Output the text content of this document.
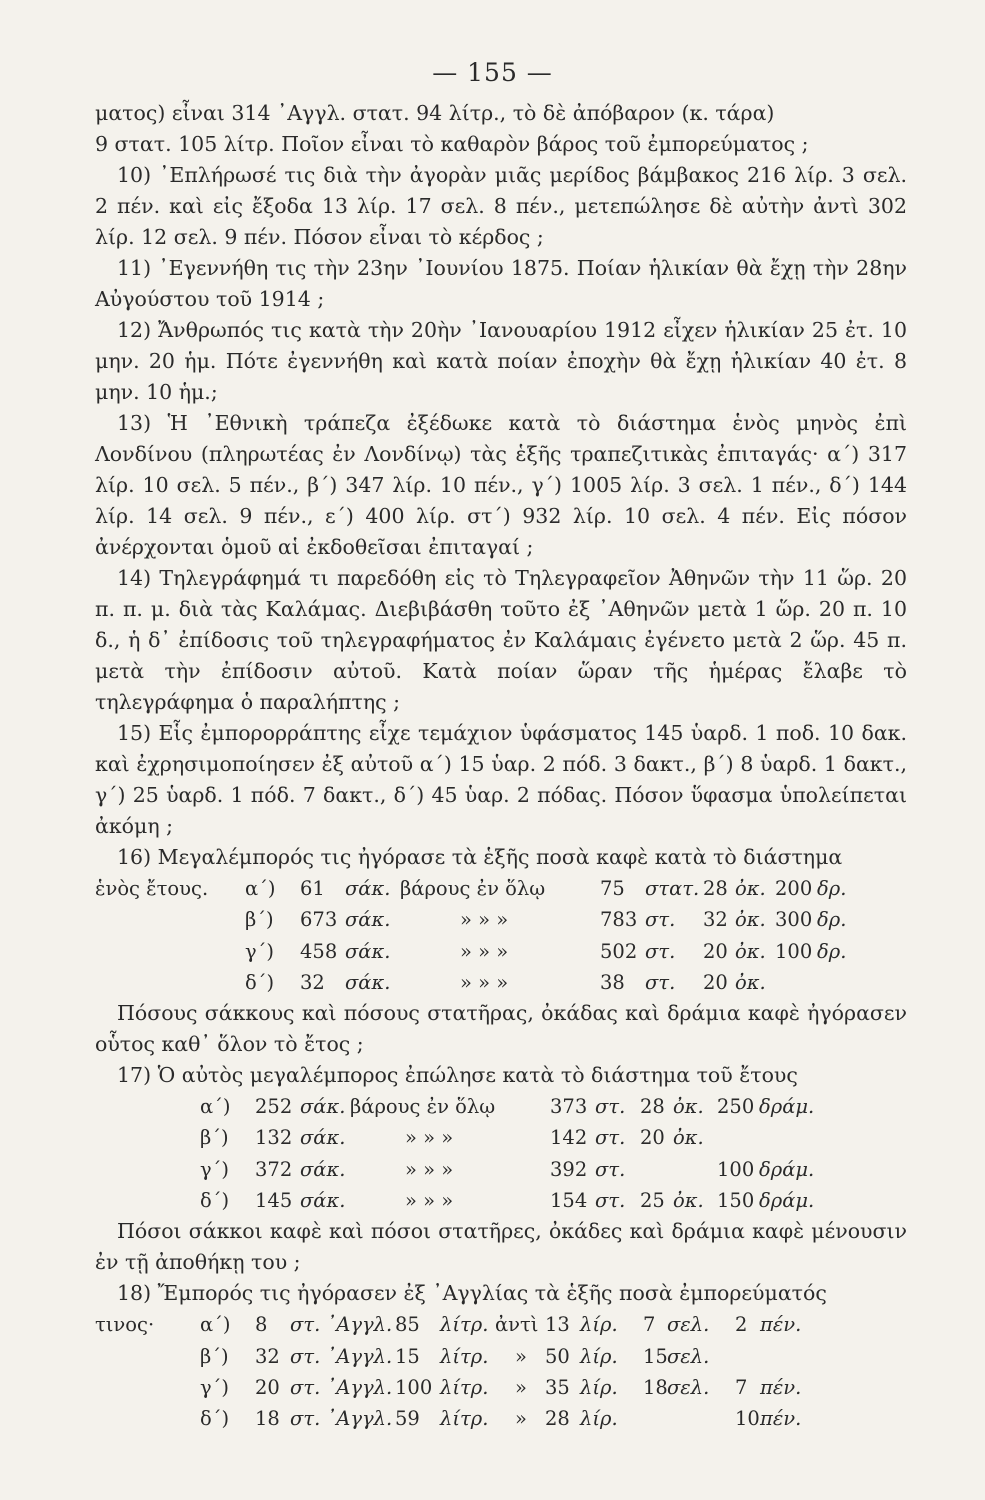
— 155 —

ματος) εἶναι 314 ᾿Αγγλ. στατ. 94 λίτρ., τὸ δὲ ἀπόβαρον (κ. τάρα)

9 στατ. 105 λίτρ. Ποῖον εἶναι τὸ καθαρὸν βάρος τοῦ ἐμπορεύματος ;

10) ᾿Επλήρωσέ τις διὰ τὴν ἀγορὰν μιᾶς μερίδος βάμβακος 216 λίρ. 3 σελ. 2 πέν. καὶ εἰς ἔξοδα 13 λίρ. 17 σελ. 8 πέν., μετεπώλησε δὲ αὐτὴν ἀντὶ 302 λίρ. 12 σελ. 9 πέν. Πόσον εἶναι τὸ κέρδος ;

11) ᾿Εγεννήθη τις τὴν 23ην ᾿Ιουνίου 1875. Ποίαν ἡλικίαν θὰ ἔχῃ τὴν 28ην Αὐγούστου τοῦ 1914 ;

12) Ἄνθρωπός τις κατὰ τὴν 20ὴν ᾿Ιανουαρίου 1912 εἶχεν ἡλικίαν 25 ἐτ. 10 μην. 20 ἡμ. Πότε ἐγεννήθη καὶ κατὰ ποίαν ἐποχὴν θὰ ἔχῃ ἡλικίαν 40 ἐτ. 8 μην. 10 ἡμ.;

13) Ἡ ᾿Εθνικὴ τράπεζα ἐξέδωκε κατὰ τὸ διάστημα ἑνὸς μηνὸς ἐπὶ Λονδίνου (πληρωτέας ἐν Λονδίνῳ) τὰς ἑξῆς τραπεζιτικὰς ἐπιταγάς· α΄) 317 λίρ. 10 σελ. 5 πέν., β΄) 347 λίρ. 10 πέν., γ΄) 1005 λίρ. 3 σελ. 1 πέν., δ΄) 144 λίρ. 14 σελ. 9 πέν., ε΄) 400 λίρ. στ΄) 932 λίρ. 10 σελ. 4 πέν. Εἰς πόσον ἀνέρχονται ὁμοῦ αἱ ἐκδοθεῖσαι ἐπιταγαί ;

14) Τηλεγράφημά τι παρεδόθη εἰς τὸ Τηλεγραφεῖον Ἀθηνῶν τὴν 11 ὥρ. 20 π. π. μ. διὰ τὰς Καλάμας. Διεβιβάσθη τοῦτο ἐξ ᾿Αθηνῶν μετὰ 1 ὥρ. 20 π. 10 δ., ἡ δ᾿ ἐπίδοσις τοῦ τηλεγραφήματος ἐν Καλάμαις ἐγένετο μετὰ 2 ὥρ. 45 π. μετὰ τὴν ἐπίδοσιν αὐτοῦ. Κατὰ ποίαν ὥραν τῆς ἡμέρας ἔλαβε τὸ τηλεγράφημα ὁ παραλήπτης ;

15) Εἷς ἐμπορορράπτης εἶχε τεμάχιον ὑφάσματος 145 ὑαρδ. 1 ποδ. 10 δακ. καὶ ἐχρησιμοποίησεν ἐξ αὐτοῦ α΄) 15 ὑαρ. 2 πόδ. 3 δακτ., β΄) 8 ὑαρδ. 1 δακτ., γ΄) 25 ὑαρδ. 1 πόδ. 7 δακτ., δ΄) 45 ὑαρ. 2 πόδας. Πόσον ὕφασμα ὑπολείπεται ἀκόμη ;

16) Μεγαλέμπορός τις ἠγόρασε τὰ ἑξῆς ποσὰ καφὲ κατὰ τὸ διάστημα

ἑνὸς ἔτους. α΄) 61 σάκ. βάρους ἐν ὅλῳ	75 στατ. 28 ὀκ. 200 δρ.
β΄) 673 σάκ.	» » »	783 στ. 32 ὀκ. 300 δρ.
γ΄) 458 σάκ.	» » »	502 στ. 20 ὀκ. 100 δρ.
δ΄) 32 σάκ.	» » »	38 στ. 20 ὀκ.

Πόσους σάκκους καὶ πόσους στατῆρας, ὀκάδας καὶ δράμια καφὲ ἠγόρασεν οὗτος καθ᾿ ὅλον τὸ ἔτος ;

17) Ὁ αὐτὸς μεγαλέμπορος ἐπώλησε κατὰ τὸ διάστημα τοῦ ἔτους

α΄) 252 σάκ. βάρους ἐν ὅλῳ	373 στ. 28 ὀκ. 250 δράμ.
β΄) 132 σάκ.	» » »	142 στ. 20 ὀκ.
γ΄) 372 σάκ.	» » »	392 στ.	100 δράμ.
δ΄) 145 σάκ.	» » »	154 στ. 25 ὀκ. 150 δράμ.

Πόσοι σάκκοι καφὲ καὶ πόσοι στατῆρες, ὀκάδες καὶ δράμια καφὲ μένουσιν ἐν τῇ ἀποθήκῃ του ;

18) Ἔμπορός τις ἠγόρασεν ἐξ ᾿Αγγλίας τὰ ἑξῆς ποσὰ ἐμπορεύματός

τινος· α΄) 8 στ. ᾿Αγγλ. 85 λίτρ. ἀντὶ 13 λίρ. 7 σελ. 2 πέν.
β΄) 32 στ. ᾿Αγγλ. 15 λίτρ. » 50 λίρ. 15 σελ.
γ΄) 20 στ. ᾿Αγγλ. 100 λίτρ. » 35 λίρ. 18 σελ. 7 πέν.
δ΄) 18 στ. ᾿Αγγλ. 59 λίτρ. » 28 λίρ.	10 πέν.
